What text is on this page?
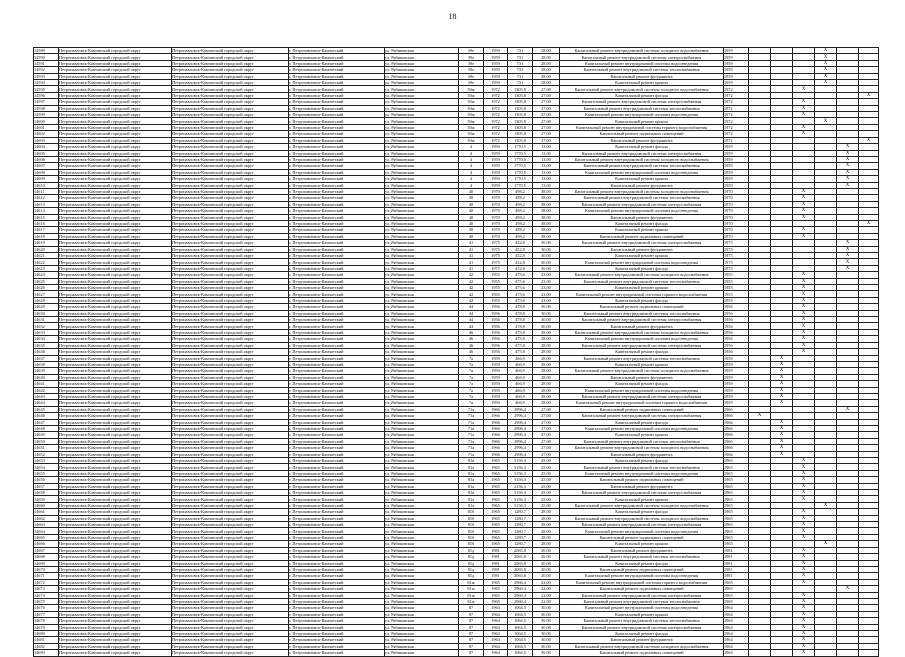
18
14589	Петропавловск-Камчатский городской округ	Петропавловск-Камчатский городской округ	г. Петропавловск-Камчатский	ул. Рябиковская	39е	1959	731	28,00	Капитальный ремонт внутридомовой системы холодного водоснабжения	1959				X		
14590	Петропавловск-Камчатский городской округ	Петропавловск-Камчатский городской округ	г. Петропавловск-Камчатский	ул. Рябиковская	39е	1959	731	28,00	Капитальный ремонт внутридомовой системы электроснабжения	1959				X		
14591	Петропавловск-Камчатский городской округ	Петропавловск-Камчатский городской округ	г. Петропавловск-Камчатский	ул. Рябиковская	39е	1959	731	28,00	Капитальный ремонт внутридомовой системы водоотведения	1959				X		
14592	Петропавловск-Камчатский городской округ	Петропавловск-Камчатский городской округ	г. Петропавловск-Камчатский	ул. Рябиковская	39е	1959	731	28,00	Капитальный ремонт внутридомовой системы теплоснабжения	1959				X		
14593	Петропавловск-Камчатский городской округ	Петропавловск-Камчатский городской округ	г. Петропавловск-Камчатский	ул. Рябиковская	39е	1959	731	28,00	Капитальный ремонт фундамента	1959				X		
14594	Петропавловск-Камчатский городской округ	Петропавловск-Камчатский городской округ	г. Петропавловск-Камчатский	ул. Рябиковская	39е	1959	731	28,00	Капитальный ремонт крыши	1959				X		
14595	Петропавловск-Камчатский городской округ	Петропавловск-Камчатский городской округ	г. Петропавловск-Камчатский	ул. Рябиковская	39ж	1972	1305,8	27,00	Капитальный ремонт внутридомовой системы холодного водоснабжения	1972			X			
14596	Петропавловск-Камчатский городской округ	Петропавловск-Камчатский городской округ	г. Петропавловск-Камчатский	ул. Рябиковская	39ж	1972	1305,8	27,00	Капитальный ремонт фасада	1972						X
14597	Петропавловск-Камчатский городской округ	Петропавловск-Камчатский городской округ	г. Петропавловск-Камчатский	ул. Рябиковская	39ж	1972	1305,8	27,00	Капитальный ремонт внутридомовой системы электроснабжения	1972			X			
14598	Петропавловск-Камчатский городской округ	Петропавловск-Камчатский городской округ	г. Петропавловск-Камчатский	ул. Рябиковская	39ж	1972	1305,8	27,00	Капитальный ремонт внутридомовой системы теплоснабжения	1972			X			
14599	Петропавловск-Камчатский городской округ	Петропавловск-Камчатский городской округ	г. Петропавловск-Камчатский	ул. Рябиковская	39ж	1972	1305,8	27,00	Капитальный ремонт внутридомовой системы водоотведения	1972			X			
14600	Петропавловск-Камчатский городской округ	Петропавловск-Камчатский городской округ	г. Петропавловск-Камчатский	ул. Рябиковская	39ж	1972	1305,8	27,00	Капитальный ремонт крыши	1972				X		
14601	Петропавловск-Камчатский городской округ	Петропавловск-Камчатский городской округ	г. Петропавловск-Камчатский	ул. Рябиковская	39ж	1972	1305,8	27,00	Капитальный ремонт внутридомовой системы горячего водоснабжения	1972			X			
14602	Петропавловск-Камчатский городской округ	Петропавловск-Камчатский городской округ	г. Петропавловск-Камчатский	ул. Рябиковская	39ж	1972	1305,8	27,00	Капитальный ремонт подвальных помещений	1972			X			
14603	Петропавловск-Камчатский городской округ	Петропавловск-Камчатский городской округ	г. Петропавловск-Камчатский	ул. Рябиковская	39ж	1972	1305,8	27,00	Капитальный ремонт фундамента	1972						X
14604	Петропавловск-Камчатский городской округ	Петропавловск-Камчатский городской округ	г. Петропавловск-Камчатский	ул. Рябиковская	4	1959	1770,5	13,00	Капитальный ремонт фасада	1959					X	
14605	Петропавловск-Камчатский городской округ	Петропавловск-Камчатский городской округ	г. Петропавловск-Камчатский	ул. Рябиковская	4	1959	1770,5	13,00	Капитальный ремонт внутридомовой системы электроснабжения	1959					X	
14606	Петропавловск-Камчатский городской округ	Петропавловск-Камчатский городской округ	г. Петропавловск-Камчатский	ул. Рябиковская	4	1959	1770,5	13,00	Капитальный ремонт внутридомовой системы холодного водоснабжения	1959					X	
14607	Петропавловск-Камчатский городской округ	Петропавловск-Камчатский городской округ	г. Петропавловск-Камчатский	ул. Рябиковская	4	1959	1770,5	13,00	Капитальный ремонт внутридомовой системы теплоснабжения	1959					X	
14608	Петропавловск-Камчатский городской округ	Петропавловск-Камчатский городской округ	г. Петропавловск-Камчатский	ул. Рябиковская	4	1959	1770,5	13,00	Капитальный ремонт внутридомовой системы водоотведения	1959					X	
14609	Петропавловск-Камчатский городской округ	Петропавловск-Камчатский городской округ	г. Петропавловск-Камчатский	ул. Рябиковская	4	1959	1770,5	13,00	Капитальный ремонт крыши	1959					X	
14610	Петропавловск-Камчатский городской округ	Петропавловск-Камчатский городской округ	г. Петропавловск-Камчатский	ул. Рябиковская	4	1959	1770,5	13,00	Капитальный ремонт фундамента	1959					X	
14611	Петропавловск-Камчатский городской округ	Петропавловск-Камчатский городской округ	г. Петропавловск-Камчатский	ул. Рябиковская	40	1970	498,2	38,00	Капитальный ремонт внутридомовой системы холодного водоснабжения	1970			X			
14612	Петропавловск-Камчатский городской округ	Петропавловск-Камчатский городской округ	г. Петропавловск-Камчатский	ул. Рябиковская	40	1970	498,2	38,00	Капитальный ремонт внутридомовой системы теплоснабжения	1970			X			
14613	Петропавловск-Камчатский городской округ	Петропавловск-Камчатский городской округ	г. Петропавловск-Камчатский	ул. Рябиковская	40	1970	498,2	38,00	Капитальный ремонт внутридомовой системы электроснабжения	1970			X			
14614	Петропавловск-Камчатский городской округ	Петропавловск-Камчатский городской округ	г. Петропавловск-Камчатский	ул. Рябиковская	40	1970	498,2	38,00	Капитальный ремонт внутридомовой системы водоотведения	1970			X			
14615	Петропавловск-Камчатский городской округ	Петропавловск-Камчатский городской округ	г. Петропавловск-Камчатский	ул. Рябиковская	40	1970	498,2	38,00	Капитальный ремонт фундамента	1970			X			
14616	Петропавловск-Камчатский городской округ	Петропавловск-Камчатский городской округ	г. Петропавловск-Камчатский	ул. Рябиковская	40	1970	498,2	38,00	Капитальный ремонт фасада	1970						X
14617	Петропавловск-Камчатский городской округ	Петропавловск-Камчатский городской округ	г. Петропавловск-Камчатский	ул. Рябиковская	40	1970	498,2	38,00	Капитальный ремонт крыши	1970			X			
14618	Петропавловск-Камчатский городской округ	Петропавловск-Камчатский городской округ	г. Петропавловск-Камчатский	ул. Рябиковская	40	1970	498,2	38,00	Капитальный ремонт подвальных помещений	1970			X			
14619	Петропавловск-Камчатский городской округ	Петропавловск-Камчатский городской округ	г. Петропавловск-Камчатский	ул. Рябиковская	41	1975	452,8	30,00	Капитальный ремонт внутридомовой системы электроснабжения	1975					X	
14620	Петропавловск-Камчатский городской округ	Петропавловск-Камчатский городской округ	г. Петропавловск-Камчатский	ул. Рябиковская	41	1975	452,8	30,00	Капитальный ремонт фундамента	1975					X	
14621	Петропавловск-Камчатский городской округ	Петропавловск-Камчатский городской округ	г. Петропавловск-Камчатский	ул. Рябиковская	41	1975	452,8	30,00	Капитальный ремонт крыши	1975					X	
14622	Петропавловск-Камчатский городской округ	Петропавловск-Камчатский городской округ	г. Петропавловск-Камчатский	ул. Рябиковская	41	1975	452,8	30,00	Капитальный ремонт внутридомовой системы водоотведения	1975					X	
14623	Петропавловск-Камчатский городской округ	Петропавловск-Камчатский городской округ	г. Петропавловск-Камчатский	ул. Рябиковская	41	1975	452,8	30,00	Капитальный ремонт фасада	1975					X	
14624	Петропавловск-Камчатский городской округ	Петропавловск-Камчатский городской округ	г. Петропавловск-Камчатский	ул. Рябиковская	42	1955	475,6	23,00	Капитальный ремонт внутридомовой системы холодного водоснабжения	1955			X			
14625	Петропавловск-Камчатский городской округ	Петропавловск-Камчатский городской округ	г. Петропавловск-Камчатский	ул. Рябиковская	42	1955	475,6	23,00	Капитальный ремонт внутридомовой системы теплоснабжения	1955			X			
14626	Петропавловск-Камчатский городской округ	Петропавловск-Камчатский городской округ	г. Петропавловск-Камчатский	ул. Рябиковская	42	1955	475,6	23,00	Капитальный ремонт крыши	1955			X			
14627	Петропавловск-Камчатский городской округ	Петропавловск-Камчатский городской округ	г. Петропавловск-Камчатский	ул. Рябиковская	42	1955	475,6	23,00	Капитальный ремонт внутридомовой системы горячего водоснабжения	1955			X			
14628	Петропавловск-Камчатский городской округ	Петропавловск-Камчатский городской округ	г. Петропавловск-Камчатский	ул. Рябиковская	42	1955	475,6	23,00	Капитальный ремонт фасада	1955			X			
14629	Петропавловск-Камчатский городской округ	Петропавловск-Камчатский городской округ	г. Петропавловск-Камчатский	ул. Рябиковская	44	1956	478,8	30,00	Капитальный ремонт подвальных помещений	1956			X			
14630	Петропавловск-Камчатский городской округ	Петропавловск-Камчатский городской округ	г. Петропавловск-Камчатский	ул. Рябиковская	44	1956	478,8	30,00	Капитальный ремонт внутридомовой системы теплоснабжения	1956			X			
14631	Петропавловск-Камчатский городской округ	Петропавловск-Камчатский городской округ	г. Петропавловск-Камчатский	ул. Рябиковская	44	1956	478,8	30,00	Капитальный ремонт внутридомовой системы электроснабжения	1956			X			
14632	Петропавловск-Камчатский городской округ	Петропавловск-Камчатский городской округ	г. Петропавловск-Камчатский	ул. Рябиковская	44	1956	478,8	30,00	Капитальный ремонт фундамента	1956			X			
14633	Петропавловск-Камчатский городской округ	Петропавловск-Камчатский городской округ	г. Петропавловск-Камчатский	ул. Рябиковская	46	1956	475,8	28,00	Капитальный ремонт внутридомовой системы холодного водоснабжения	1956			X			
14634	Петропавловск-Камчатский городской округ	Петропавловск-Камчатский городской округ	г. Петропавловск-Камчатский	ул. Рябиковская	46	1956	475,8	28,00	Капитальный ремонт внутридомовой системы водоотведения	1956			X			
14635	Петропавловск-Камчатский городской округ	Петропавловск-Камчатский городской округ	г. Петропавловск-Камчатский	ул. Рябиковская	46	1956	475,8	28,00	Капитальный ремонт внутридомовой системы электроснабжения	1956			X			
14636	Петропавловск-Камчатский городской округ	Петропавловск-Камчатский городской округ	г. Петропавловск-Камчатский	ул. Рябиковская	46	1956	475,8	28,00	Капитальный ремонт фасада	1956			X			
14637	Петропавловск-Камчатский городской округ	Петропавловск-Камчатский городской округ	г. Петропавловск-Камчатский	ул. Рябиковская	7а	1959	466,9	28,00	Капитальный ремонт внутридомовой системы теплоснабжения	1959		X				
14638	Петропавловск-Камчатский городской округ	Петропавловск-Камчатский городской округ	г. Петропавловск-Камчатский	ул. Рябиковская	7а	1959	466,9	28,00	Капитальный ремонт крыши	1959		X				
14639	Петропавловск-Камчатский городской округ	Петропавловск-Камчатский городской округ	г. Петропавловск-Камчатский	ул. Рябиковская	7а	1959	466,9	28,00	Капитальный ремонт внутридомовой системы холодного водоснабжения	1959		X				
14640	Петропавловск-Камчатский городской округ	Петропавловск-Камчатский городской округ	г. Петропавловск-Камчатский	ул. Рябиковская	7а	1959	466,9	28,00	Капитальный ремонт фундамента	1959		X				
14641	Петропавловск-Камчатский городской округ	Петропавловск-Камчатский городской округ	г. Петропавловск-Камчатский	ул. Рябиковская	7а	1959	466,9	28,00	Капитальный ремонт фасада	1959		X				
14642	Петропавловск-Камчатский городской округ	Петропавловск-Камчатский городской округ	г. Петропавловск-Камчатский	ул. Рябиковская	7а	1959	466,9	28,00	Капитальный ремонт внутридомовой системы водоотведения	1959		X				
14643	Петропавловск-Камчатский городской округ	Петропавловск-Камчатский городской округ	г. Петропавловск-Камчатский	ул. Рябиковская	7а	1959	466,9	28,00	Капитальный ремонт внутридомовой системы электроснабжения	1959		X				
14644	Петропавловск-Камчатский городской округ	Петропавловск-Камчатский городской округ	г. Петропавловск-Камчатский	ул. Рябиковская	7а	1959	466,9	28,00	Капитальный ремонт внутридомовой системы горячего водоснабжения	1959		X				
14645	Петропавловск-Камчатский городской округ	Петропавловск-Камчатский городской округ	г. Петропавловск-Камчатский	ул. Рябиковская	71а	1966	2996,4	27,00	Капитальный ремонт подвальных помещений	1966					X	
14646	Петропавловск-Камчатский городской округ	Петропавловск-Камчатский городской округ	г. Петропавловск-Камчатский	ул. Рябиковская	71а	1966	2996,4	27,00	Капитальный ремонт внутридомовой системы электроснабжения	1966	X					
14647	Петропавловск-Камчатский городской округ	Петропавловск-Камчатский городской округ	г. Петропавловск-Камчатский	ул. Рябиковская	71а	1966	2996,4	27,00	Капитальный ремонт фасада	1966		X				
14648	Петропавловск-Камчатский городской округ	Петропавловск-Камчатский городской округ	г. Петропавловск-Камчатский	ул. Рябиковская	71а	1966	2996,4	27,00	Капитальный ремонт внутридомовой системы водоотведения	1966		X				
14649	Петропавловск-Камчатский городской округ	Петропавловск-Камчатский городской округ	г. Петропавловск-Камчатский	ул. Рябиковская	71а	1966	2996,4	27,00	Капитальный ремонт крыши	1966		X				
14650	Петропавловск-Камчатский городской округ	Петропавловск-Камчатский городской округ	г. Петропавловск-Камчатский	ул. Рябиковская	71а	1966	2996,4	27,00	Капитальный ремонт внутридомовой системы теплоснабжения	1966		X				
14651	Петропавловск-Камчатский городской округ	Петропавловск-Камчатский городской округ	г. Петропавловск-Камчатский	ул. Рябиковская	71а	1966	2996,4	27,00	Капитальный ремонт внутридомовой системы холодного водоснабжения	1966		X				
14652	Петропавловск-Камчатский городской округ	Петропавловск-Камчатский городской округ	г. Петропавловск-Камчатский	ул. Рябиковская	71а	1966	2996,4	27,00	Капитальный ремонт фундамента	1966		X				
14653	Петропавловск-Камчатский городской округ	Петропавловск-Камчатский городской округ	г. Петропавловск-Камчатский	ул. Рябиковская	81а	1965	3156,3	25,00	Капитальный ремонт фасада	1965			X			
14654	Петропавловск-Камчатский городской округ	Петропавловск-Камчатский городской округ	г. Петропавловск-Камчатский	ул. Рябиковская	81а	1965	3156,3	25,00	Капитальный ремонт внутридомовой системы теплоснабжения	1965			X			
14655	Петропавловск-Камчатский городской округ	Петропавловск-Камчатский городской округ	г. Петропавловск-Камчатский	ул. Рябиковская	81а	1965	3156,3	25,00	Капитальный ремонт внутридомовой системы водоотведения	1965			X			
14656	Петропавловск-Камчатский городской округ	Петропавловск-Камчатский городской округ	г. Петропавловск-Камчатский	ул. Рябиковская	81а	1965	3156,3	25,00	Капитальный ремонт подвальных помещений	1965			X			
14657	Петропавловск-Камчатский городской округ	Петропавловск-Камчатский городской округ	г. Петропавловск-Камчатский	ул. Рябиковская	81а	1965	3156,3	25,00	Капитальный ремонт фундамента	1965			X			
14658	Петропавловск-Камчатский городской округ	Петропавловск-Камчатский городской округ	г. Петропавловск-Камчатский	ул. Рябиковская	81а	1965	3156,3	25,00	Капитальный ремонт внутридомовой системы электроснабжения	1965			X			
14659	Петропавловск-Камчатский городской округ	Петропавловск-Камчатский городской округ	г. Петропавловск-Камчатский	ул. Рябиковская	81а	1965	3156,3	25,00	Капитальный ремонт крыши	1965			X			
14660	Петропавловск-Камчатский городской округ	Петропавловск-Камчатский городской округ	г. Петропавловск-Камчатский	ул. Рябиковская	81а	1965	3156,3	25,00	Капитальный ремонт внутридомовой системы холодного водоснабжения	1965				X		
14661	Петропавловск-Камчатский городской округ	Петропавловск-Камчатский городской округ	г. Петропавловск-Камчатский	ул. Рябиковская	81б	1965	1280,7	28,00	Капитальный ремонт фасада	1965			X			
14662	Петропавловск-Камчатский городской округ	Петропавловск-Камчатский городской округ	г. Петропавловск-Камчатский	ул. Рябиковская	81б	1965	1280,7	28,00	Капитальный ремонт внутридомовой системы холодного водоснабжения	1965			X			
14663	Петропавловск-Камчатский городской округ	Петропавловск-Камчатский городской округ	г. Петропавловск-Камчатский	ул. Рябиковская	81б	1965	1280,7	28,00	Капитальный ремонт внутридомовой системы электроснабжения	1965			X			
14664	Петропавловск-Камчатский городской округ	Петропавловск-Камчатский городской округ	г. Петропавловск-Камчатский	ул. Рябиковская	81б	1965	1280,7	28,00	Капитальный ремонт внутридомовой системы водоотведения	1965			X			
14665	Петропавловск-Камчатский городской округ	Петропавловск-Камчатский городской округ	г. Петропавловск-Камчатский	ул. Рябиковская	81б	1965	1280,7	28,00	Капитальный ремонт подвальных помещений	1965			X			
14666	Петропавловск-Камчатский городской округ	Петропавловск-Камчатский городской округ	г. Петропавловск-Камчатский	ул. Рябиковская	81б	1965	1280,7	28,00	Капитальный ремонт крыши	1965				X		
14667	Петропавловск-Камчатский городской округ	Петропавловск-Камчатский городской округ	г. Петропавловск-Камчатский	ул. Рябиковская	81д	1981	2065,8	20,00	Капитальный ремонт фундамента	1981			X			
14668	Петропавловск-Камчатский городской округ	Петропавловск-Камчатский городской округ	г. Петропавловск-Камчатский	ул. Рябиковская	81д	1981	2065,8	20,00	Капитальный ремонт внутридомовой системы теплоснабжения	1981			X			
14669	Петропавловск-Камчатский городской округ	Петропавловск-Камчатский городской округ	г. Петропавловск-Камчатский	ул. Рябиковская	81д	1981	2065,8	20,00	Капитальный ремонт фасада	1981			X			
14670	Петропавловск-Камчатский городской округ	Петропавловск-Камчатский городской округ	г. Петропавловск-Камчатский	ул. Рябиковская	81д	1981	2065,8	20,00	Капитальный ремонт подвальных помещений	1981			X			
14671	Петропавловск-Камчатский городской округ	Петропавловск-Камчатский городской округ	г. Петропавловск-Камчатский	ул. Рябиковская	81д	1981	2065,8	20,00	Капитальный ремонт внутридомовой системы водоотведения	1981			X			
14672	Петропавловск-Камчатский городской округ	Петропавловск-Камчатский городской округ	г. Петропавловск-Камчатский	ул. Рябиковская	81ж	1965	2960,4	22,00	Капитальный ремонт внутридомовой системы горячего водоснабжения	1965			X			
14673	Петропавловск-Камчатский городской округ	Петропавловск-Камчатский городской округ	г. Петропавловск-Камчатский	ул. Рябиковская	81ж	1965	2960,4	22,00	Капитальный ремонт подвальных помещений	1965					X	
14674	Петропавловск-Камчатский городской округ	Петропавловск-Камчатский городской округ	г. Петропавловск-Камчатский	ул. Рябиковская	81ж	1965	2960,4	22,00	Капитальный ремонт внутридомовой системы электроснабжения	1965			X			
14675	Петропавловск-Камчатский городской округ	Петропавловск-Камчатский городской округ	г. Петропавловск-Камчатский	ул. Рябиковская	81ж	1965	2960,4	22,00	Капитальный ремонт внутридомовой системы теплоснабжения	1965			X			
14676	Петропавловск-Камчатский городской округ	Петропавловск-Камчатский городской округ	г. Петропавловск-Камчатский	ул. Рябиковская	87	1964	1064,5	30,00	Капитальный ремонт внутридомовой системы водоотведения	1964			X			
14677	Петропавловск-Камчатский городской округ	Петропавловск-Камчатский городской округ	г. Петропавловск-Камчатский	ул. Рябиковская	87	1964	1064,5	30,00	Капитальный ремонт крыши	1964			X			
14678	Петропавловск-Камчатский городской округ	Петропавловск-Камчатский городской округ	г. Петропавловск-Камчатский	ул. Рябиковская	87	1964	1064,5	30,00	Капитальный ремонт внутридомовой системы теплоснабжения	1964			X			
14679	Петропавловск-Камчатский городской округ	Петропавловск-Камчатский городской округ	г. Петропавловск-Камчатский	ул. Рябиковская	87	1964	1064,5	30,00	Капитальный ремонт внутридомовой системы электроснабжения	1964			X			
14680	Петропавловск-Камчатский городской округ	Петропавловск-Камчатский городской округ	г. Петропавловск-Камчатский	ул. Рябиковская	87	1964	1064,5	30,00	Капитальный ремонт фасада	1964			X			
14681	Петропавловск-Камчатский городской округ	Петропавловск-Камчатский городской округ	г. Петропавловск-Камчатский	ул. Рябиковская	87	1964	1064,5	30,00	Капитальный ремонт фундамента	1964			X			
14682	Петропавловск-Камчатский городской округ	Петропавловск-Камчатский городской округ	г. Петропавловск-Камчатский	ул. Рябиковская	87	1964	1064,5	30,00	Капитальный ремонт внутридомовой системы холодного водоснабжения	1964			X			
14683	Петропавловск-Камчатский городской округ	Петропавловск-Камчатский городской округ	г. Петропавловск-Камчатский	ул. Рябиковская	87	1964	1064,5	30,00	Капитальный ремонт подвальных помещений	1964			X			
